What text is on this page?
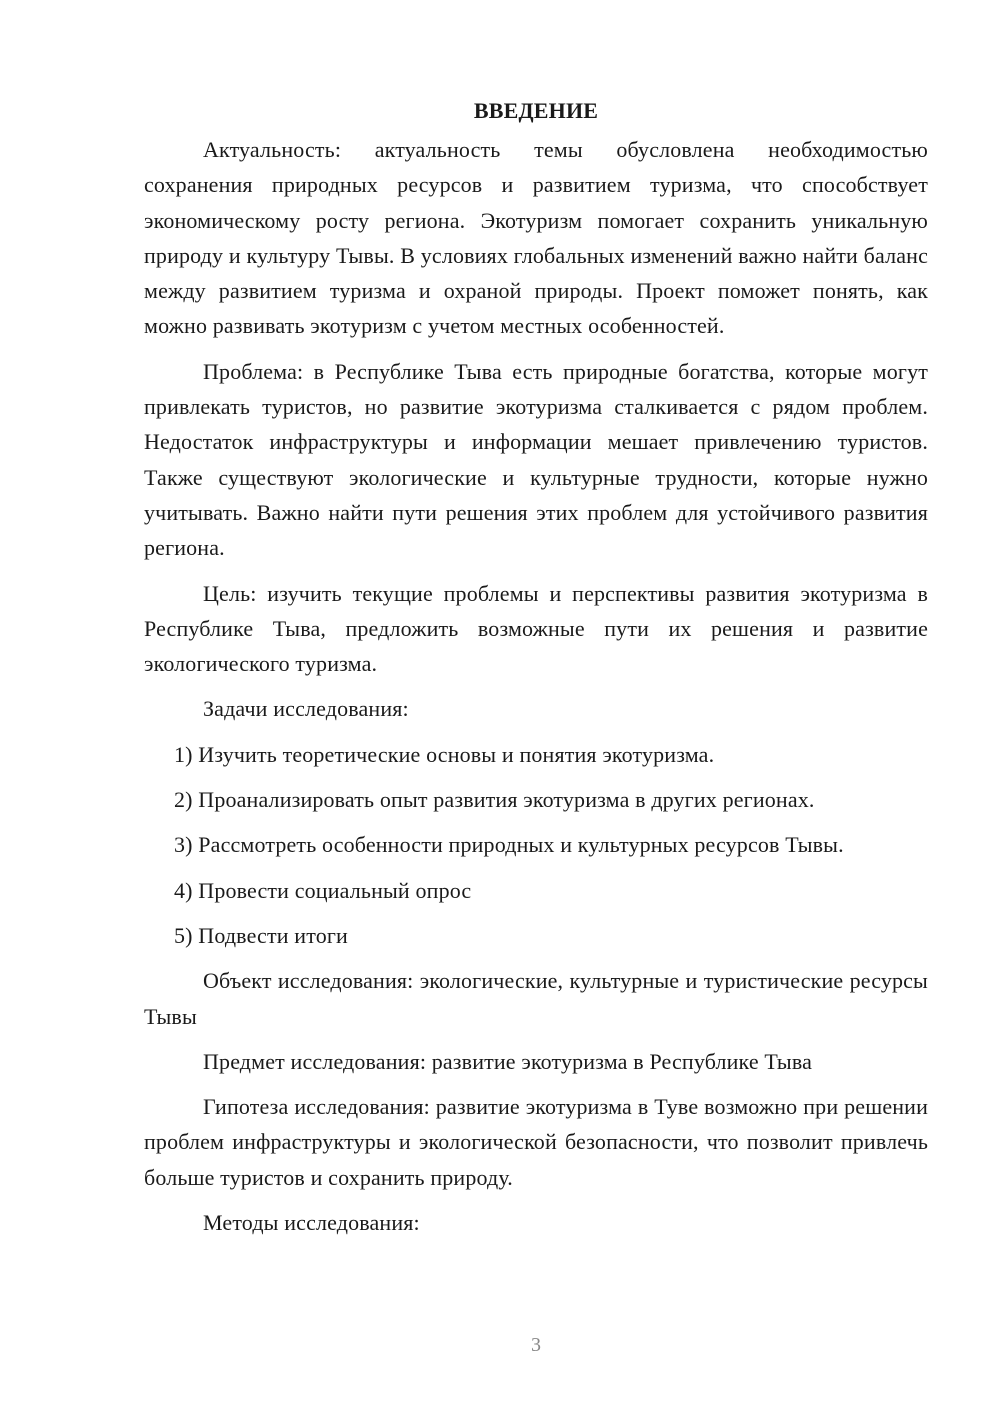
ВВЕДЕНИЕ

Актуальность: актуальность темы обусловлена необходимостью сохранения природных ресурсов и развитием туризма, что способствует экономическому росту региона. Экотуризм помогает сохранить уникальную природу и культуру Тывы. В условиях глобальных изменений важно найти баланс между развитием туризма и охраной природы. Проект поможет понять, как можно развивать экотуризм с учетом местных особенностей.

Проблема: в Республике Тыва есть природные богатства, которые могут привлекать туристов, но развитие экотуризма сталкивается с рядом проблем. Недостаток инфраструктуры и информации мешает привлечению туристов. Также существуют экологические и культурные трудности, которые нужно учитывать. Важно найти пути решения этих проблем для устойчивого развития региона.

Цель: изучить текущие проблемы и перспективы развития экотуризма в Республике Тыва, предложить возможные пути их решения и развитие экологического туризма.

Задачи исследования:

1) Изучить теоретические основы и понятия экотуризма.
2) Проанализировать опыт развития экотуризма в других регионах.
3) Рассмотреть особенности природных и культурных ресурсов Тывы.
4) Провести социальный опрос
5) Подвести итоги

Объект исследования: экологические, культурные и туристические ресурсы Тывы

Предмет исследования: развитие экотуризма в Республике Тыва

Гипотеза исследования: развитие экотуризма в Туве возможно при решении проблем инфраструктуры и экологической безопасности, что позволит привлечь больше туристов и сохранить природу.

Методы исследования:

3
